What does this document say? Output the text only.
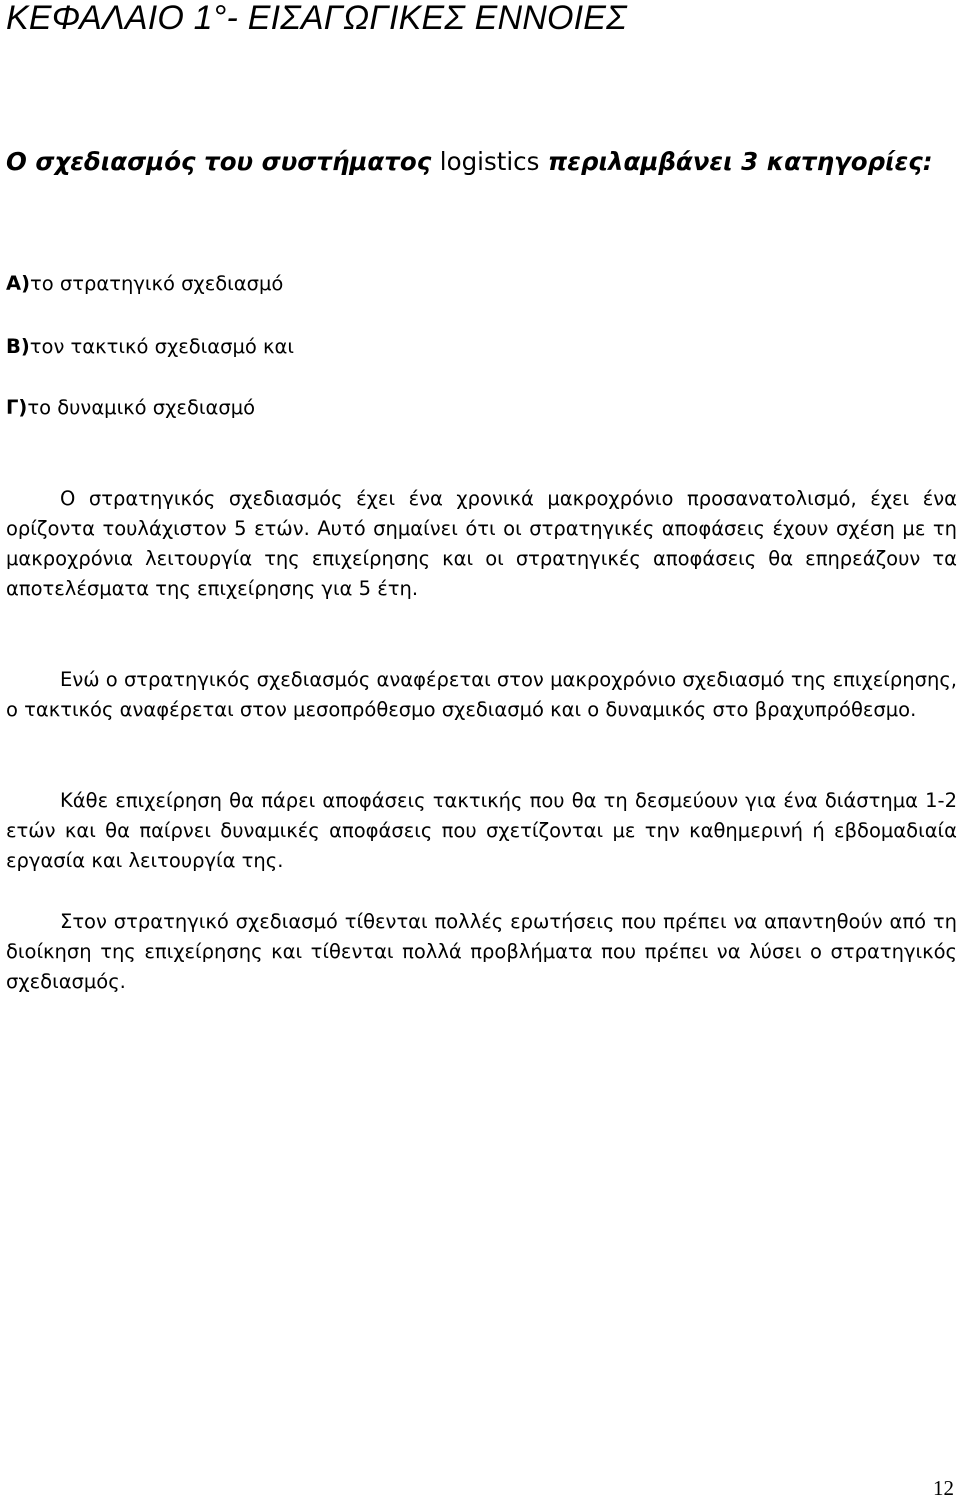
ΚΕΦΑΛΑΙΟ 1°- ΕΙΣΑΓΩΓΙΚΕΣ ΕΝΝΟΙΕΣ
Ο σχεδιασμός του συστήματος logistics περιλαμβάνει 3 κατηγορίες:

Α)το στρατηγικό σχεδιασμό

Β)τον τακτικό σχεδιασμό και

Γ)το δυναμικό σχεδιασμό

Ο στρατηγικός σχεδιασμός έχει ένα χρονικά μακροχρόνιο προσανατολισμό, έχει ένα ορίζοντα τουλάχιστον 5 ετών. Αυτό σημαίνει ότι οι στρατηγικές αποφάσεις έχουν σχέση με τη μακροχρόνια λειτουργία της επιχείρησης και οι στρατηγικές αποφάσεις θα επηρεάζουν τα αποτελέσματα της επιχείρησης για 5 έτη.

Ενώ ο στρατηγικός σχεδιασμός αναφέρεται στον μακροχρόνιο σχεδιασμό της επιχείρησης, ο τακτικός αναφέρεται στον μεσοπρόθεσμο σχεδιασμό και ο δυναμικός στο βραχυπρόθεσμο.

Κάθε επιχείρηση θα πάρει αποφάσεις τακτικής που θα τη δεσμεύουν για ένα διάστημα 1-2 ετών και θα παίρνει δυναμικές αποφάσεις που σχετίζονται με την καθημερινή ή εβδομαδιαία εργασία και λειτουργία της.

Στον στρατηγικό σχεδιασμό τίθενται πολλές ερωτήσεις που πρέπει να απαντηθούν από τη διοίκηση της επιχείρησης και τίθενται πολλά προβλήματα που πρέπει να λύσει ο στρατηγικός σχεδιασμός.

12
